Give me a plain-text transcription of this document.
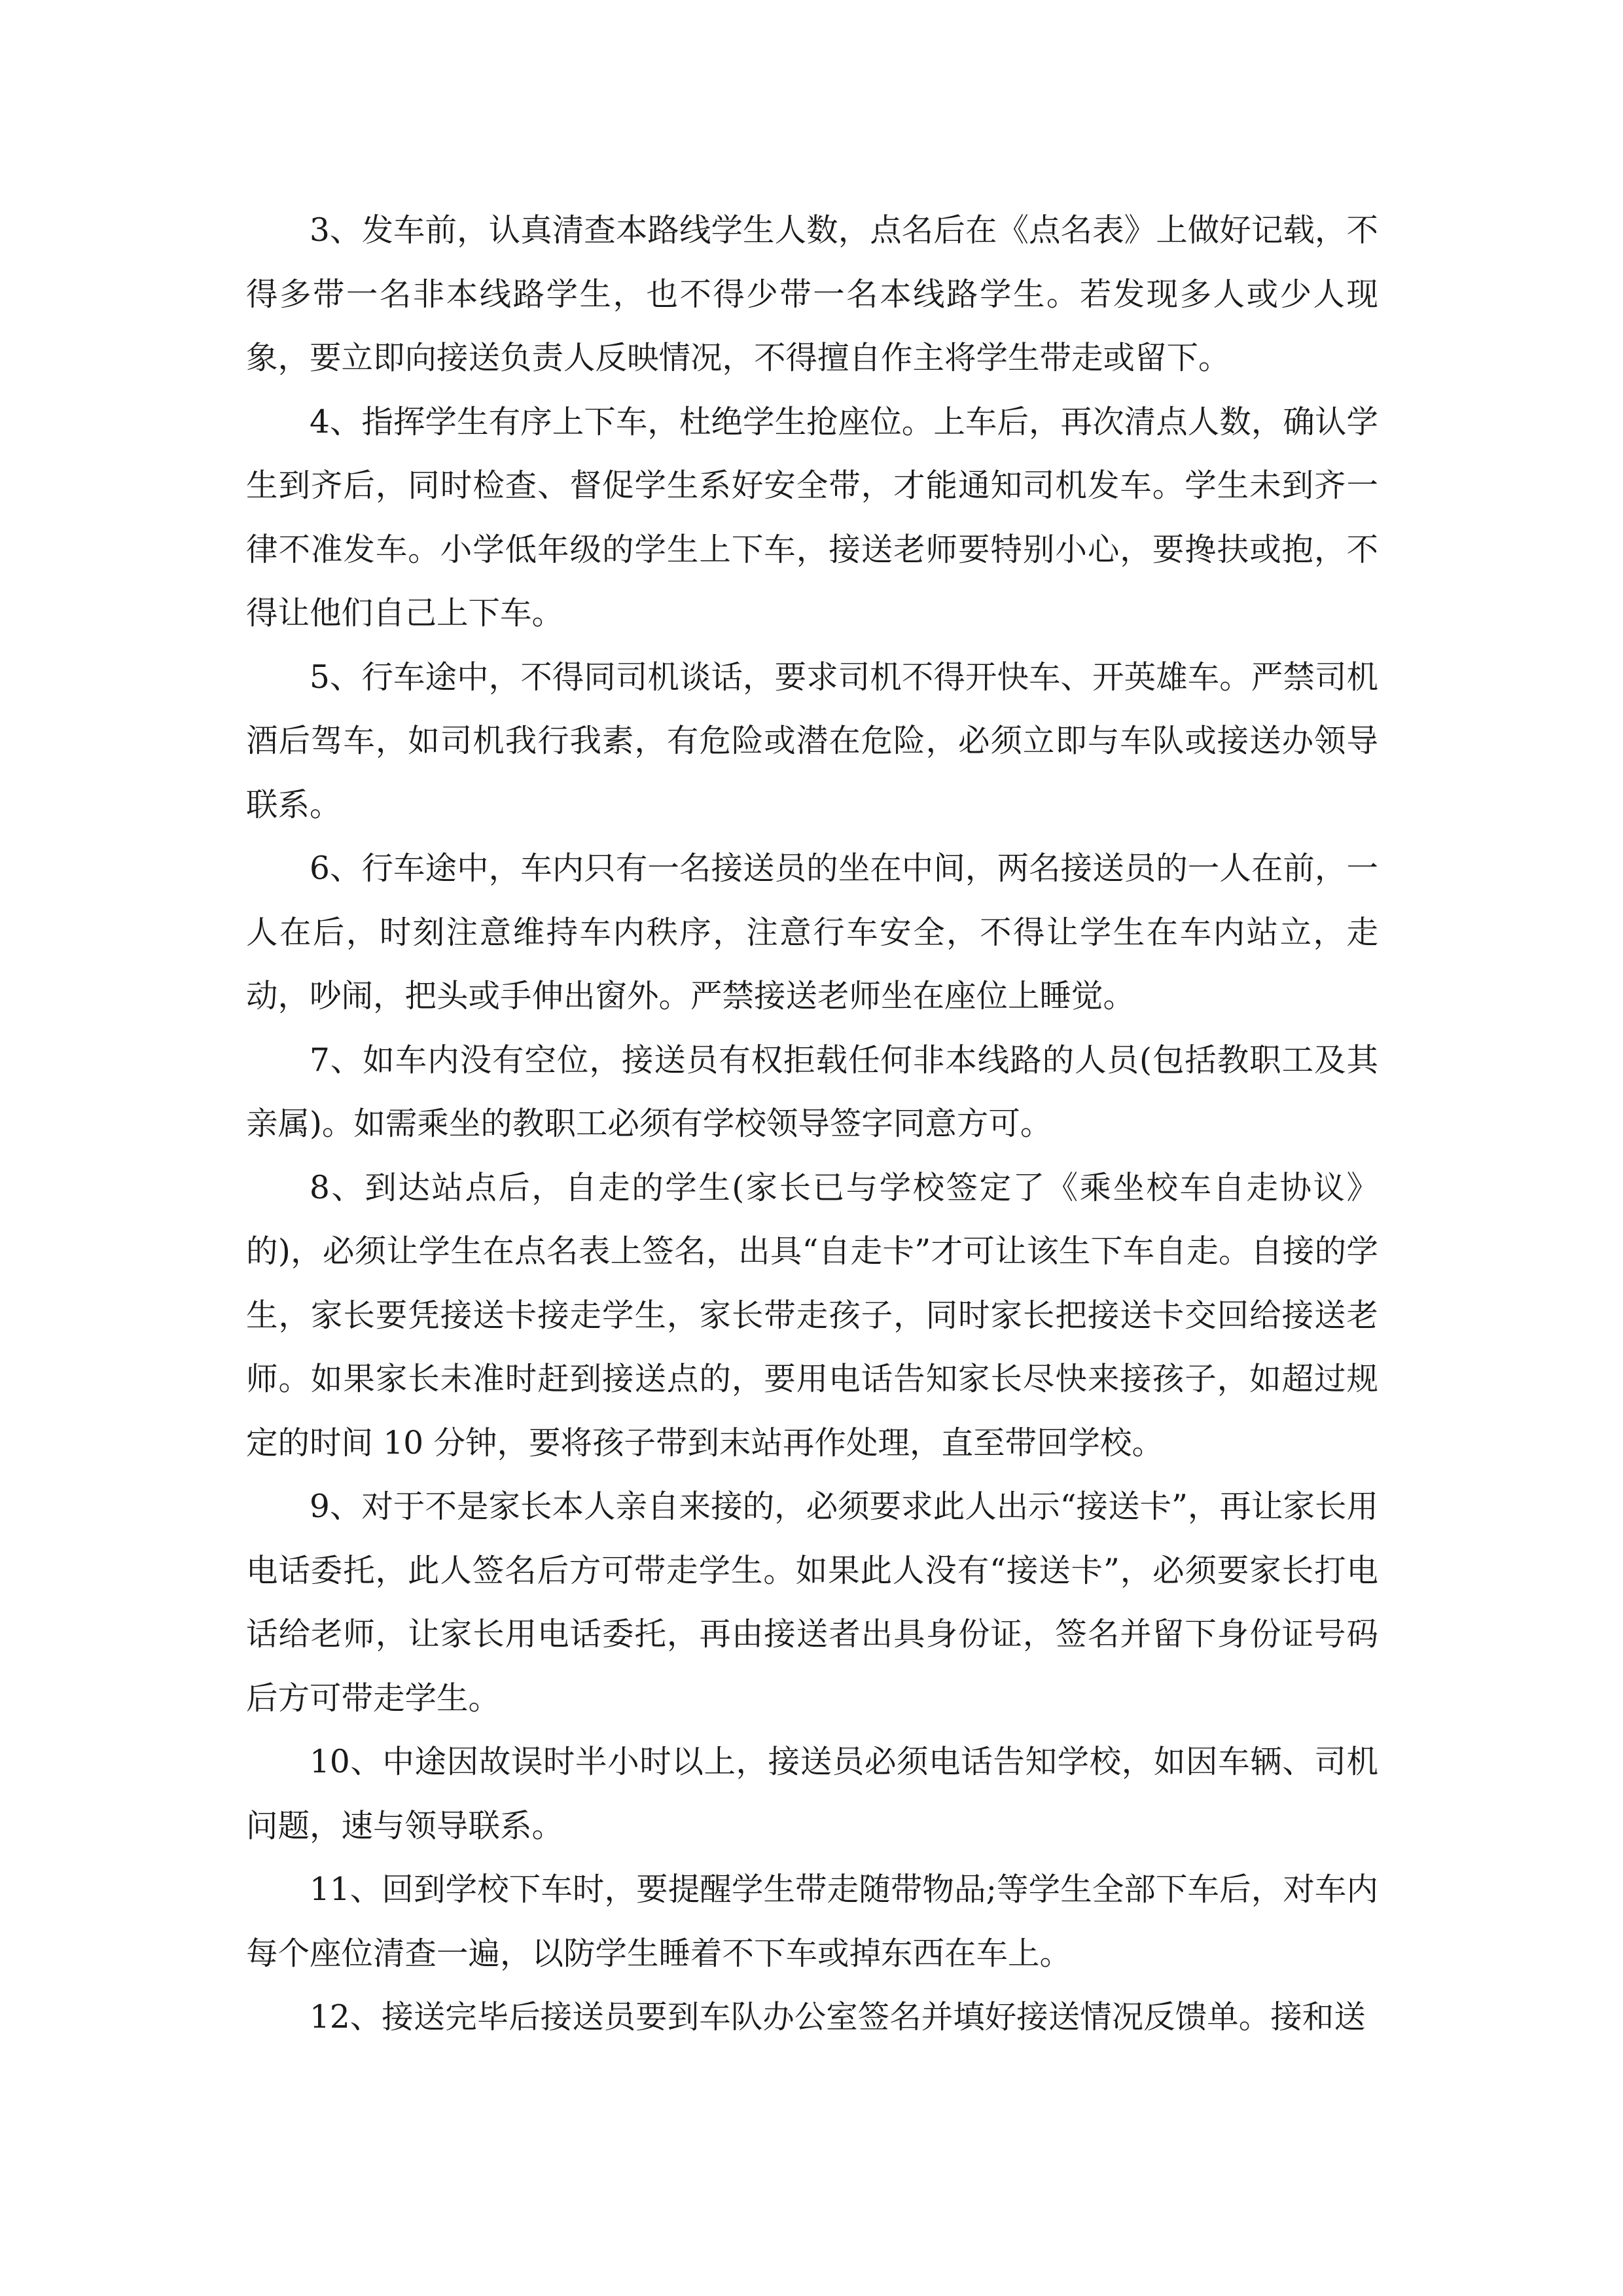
3、发车前，认真清查本路线学生人数，点名后在《点名表》上做好记载，不得多带一名非本线路学生，也不得少带一名本线路学生。若发现多人或少人现象，要立即向接送负责人反映情况，不得擅自作主将学生带走或留下。

4、指挥学生有序上下车，杜绝学生抢座位。上车后，再次清点人数，确认学生到齐后，同时检查、督促学生系好安全带，才能通知司机发车。学生未到齐一律不准发车。小学低年级的学生上下车，接送老师要特别小心，要搀扶或抱，不得让他们自己上下车。

5、行车途中，不得同司机谈话，要求司机不得开快车、开英雄车。严禁司机酒后驾车，如司机我行我素，有危险或潜在危险，必须立即与车队或接送办领导联系。

6、行车途中，车内只有一名接送员的坐在中间，两名接送员的一人在前，一人在后，时刻注意维持车内秩序，注意行车安全，不得让学生在车内站立，走动，吵闹，把头或手伸出窗外。严禁接送老师坐在座位上睡觉。

7、如车内没有空位，接送员有权拒载任何非本线路的人员(包括教职工及其亲属)。如需乘坐的教职工必须有学校领导签字同意方可。

8、到达站点后，自走的学生(家长已与学校签定了《乘坐校车自走协议》的)，必须让学生在点名表上签名，出具“自走卡”才可让该生下车自走。自接的学生，家长要凭接送卡接走学生，家长带走孩子，同时家长把接送卡交回给接送老师。如果家长未准时赶到接送点的，要用电话告知家长尽快来接孩子，如超过规定的时间 10 分钟，要将孩子带到末站再作处理，直至带回学校。

9、对于不是家长本人亲自来接的，必须要求此人出示“接送卡”，再让家长用电话委托，此人签名后方可带走学生。如果此人没有“接送卡”，必须要家长打电话给老师，让家长用电话委托，再由接送者出具身份证，签名并留下身份证号码后方可带走学生。

10、中途因故误时半小时以上，接送员必须电话告知学校，如因车辆、司机问题，速与领导联系。

11、回到学校下车时，要提醒学生带走随带物品;等学生全部下车后，对车内每个座位清查一遍，以防学生睡着不下车或掉东西在车上。

12、接送完毕后接送员要到车队办公室签名并填好接送情况反馈单。接和送
